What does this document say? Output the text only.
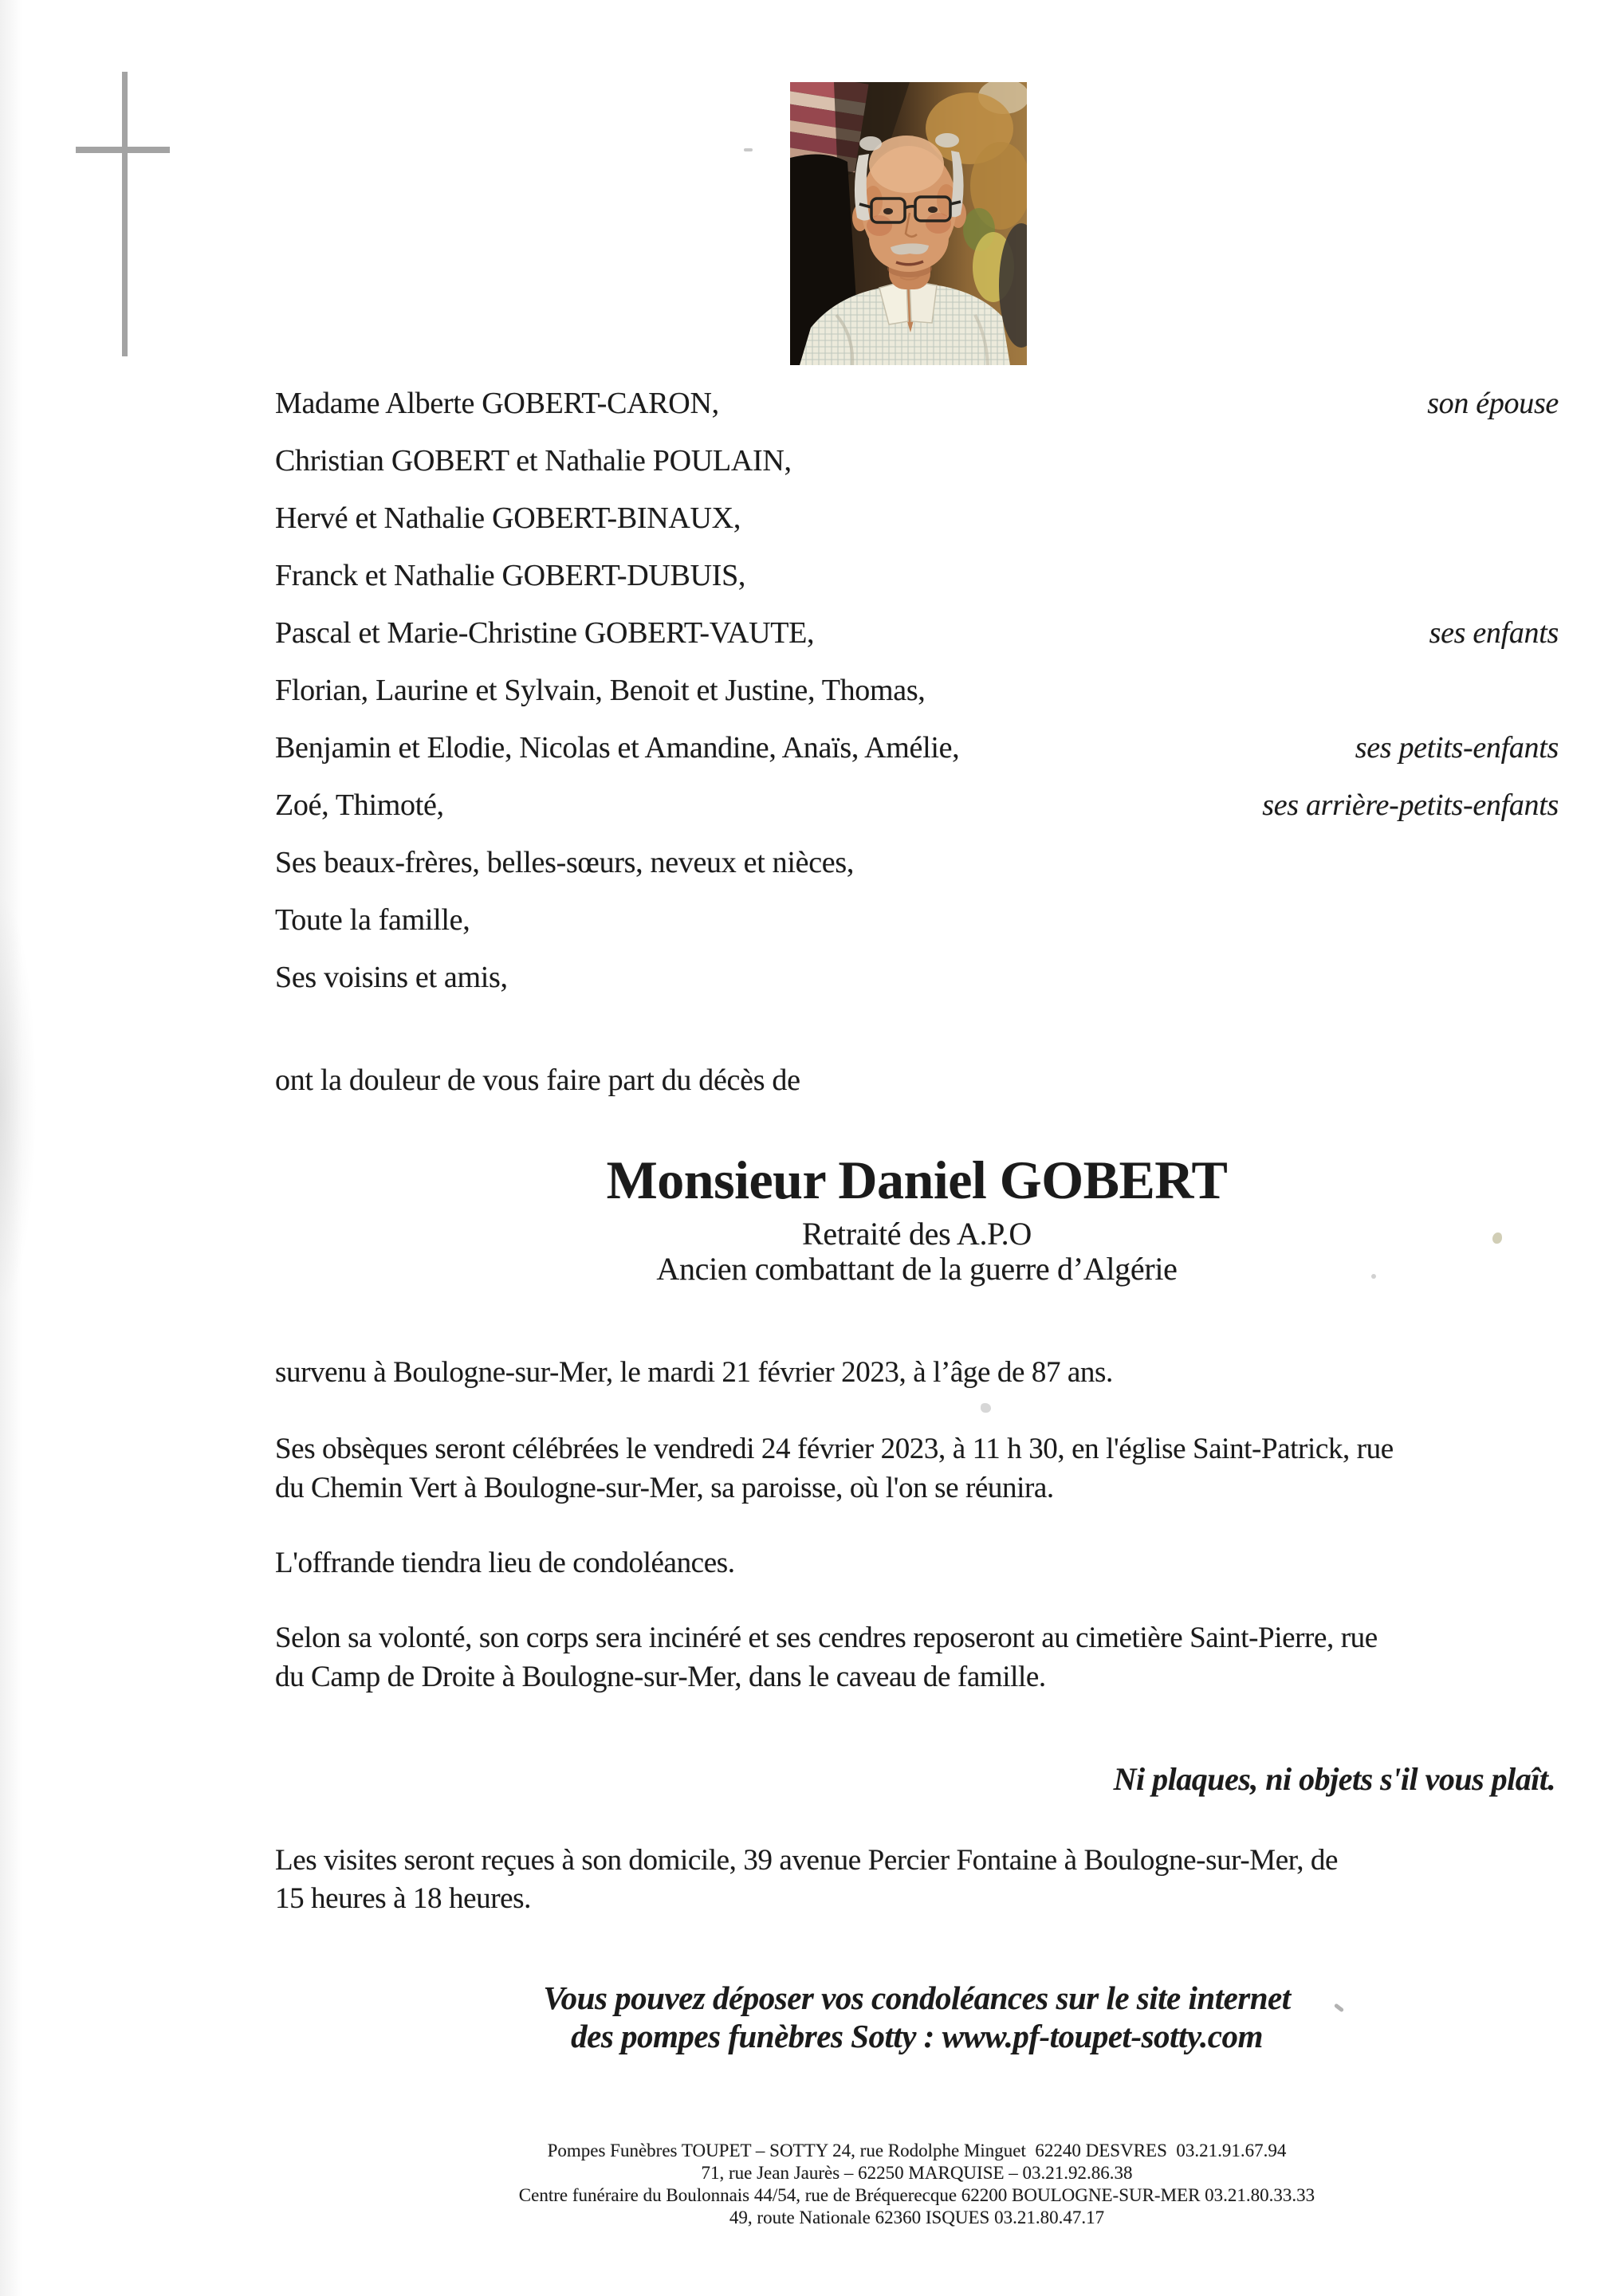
Madame Alberte GOBERT-CARON,	son épouse
Christian GOBERT et Nathalie POULAIN,
Hervé et Nathalie GOBERT-BINAUX,
Franck et Nathalie GOBERT-DUBUIS,
Pascal et Marie-Christine GOBERT-VAUTE,	ses enfants
Florian, Laurine et Sylvain, Benoit et Justine, Thomas,
Benjamin et Elodie, Nicolas et Amandine, Anaïs, Amélie,	ses petits-enfants
Zoé, Thimoté,	ses arrière-petits-enfants
Ses beaux-frères, belles-sœurs, neveux et nièces,
Toute la famille,
Ses voisins et amis,
ont la douleur de vous faire part du décès de
Monsieur Daniel GOBERT
Retraité des A.P.O
Ancien combattant de la guerre d’Algérie
survenu à Boulogne-sur-Mer, le mardi 21 février 2023, à l’âge de 87 ans.
Ses obsèques seront célébrées le vendredi 24 février 2023, à 11 h 30, en l'église Saint-Patrick, rue
du Chemin Vert à Boulogne-sur-Mer, sa paroisse, où l'on se réunira.
L'offrande tiendra lieu de condoléances.
Selon sa volonté, son corps sera incinéré et ses cendres reposeront au cimetière Saint-Pierre, rue
du Camp de Droite à Boulogne-sur-Mer, dans le caveau de famille.
Ni plaques, ni objets s'il vous plaît.
Les visites seront reçues à son domicile, 39 avenue Percier Fontaine à Boulogne-sur-Mer, de
15 heures à 18 heures.
Vous pouvez déposer vos condoléances sur le site internet
des pompes funèbres Sotty : www.pf-toupet-sotty.com
Pompes Funèbres TOUPET – SOTTY 24, rue Rodolphe Minguet  62240 DESVRES  03.21.91.67.94
71, rue Jean Jaurès – 62250 MARQUISE – 03.21.92.86.38
Centre funéraire du Boulonnais 44/54, rue de Bréquerecque 62200 BOULOGNE-SUR-MER 03.21.80.33.33
49, route Nationale 62360 ISQUES 03.21.80.47.17
